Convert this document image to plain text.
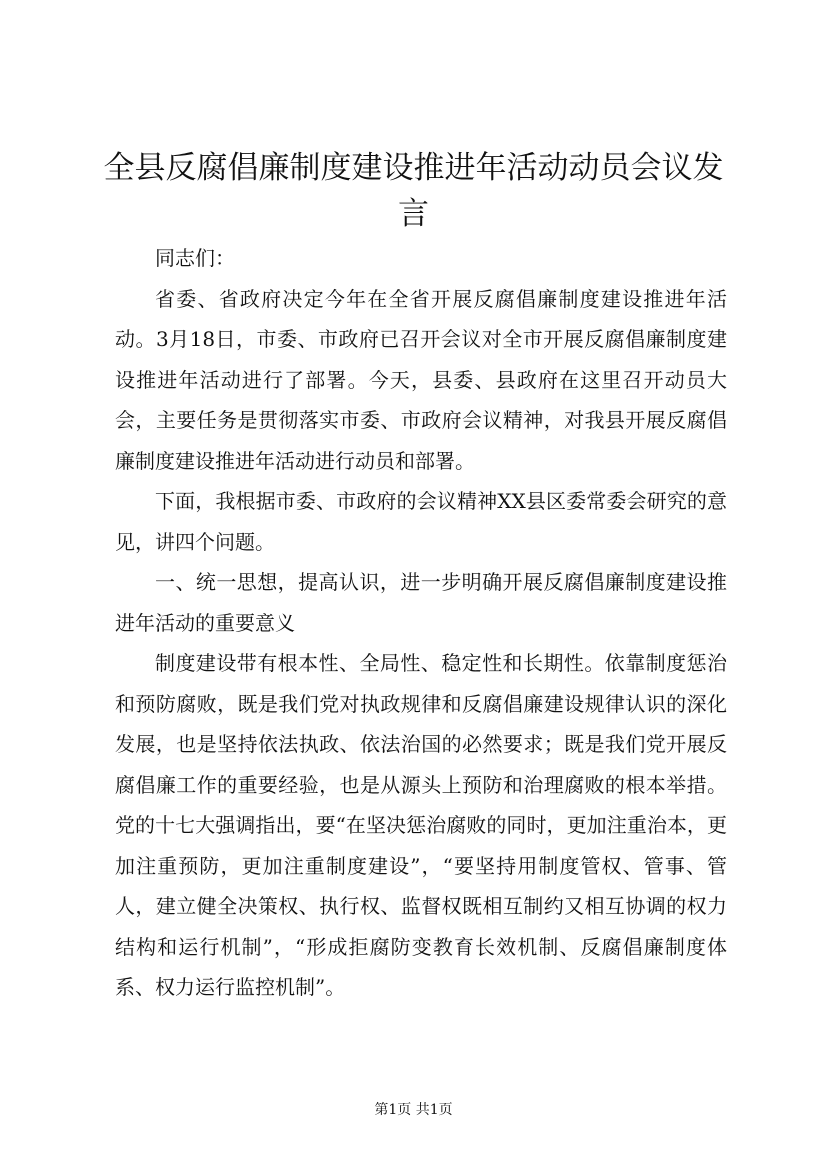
全县反腐倡廉制度建设推进年活动动员会议发言

同志们：

省委、省政府决定今年在全省开展反腐倡廉制度建设推进年活动。3月18日，市委、市政府已召开会议对全市开展反腐倡廉制度建设推进年活动进行了部署。今天，县委、县政府在这里召开动员大会，主要任务是贯彻落实市委、市政府会议精神，对我县开展反腐倡廉制度建设推进年活动进行动员和部署。

下面，我根据市委、市政府的会议精神XX县区委常委会研究的意见，讲四个问题。

一、统一思想，提高认识，进一步明确开展反腐倡廉制度建设推进年活动的重要意义

制度建设带有根本性、全局性、稳定性和长期性。依靠制度惩治和预防腐败，既是我们党对执政规律和反腐倡廉建设规律认识的深化发展，也是坚持依法执政、依法治国的必然要求；既是我们党开展反腐倡廉工作的重要经验，也是从源头上预防和治理腐败的根本举措。党的十七大强调指出，要“在坚决惩治腐败的同时，更加注重治本，更加注重预防，更加注重制度建设”，“要坚持用制度管权、管事、管人，建立健全决策权、执行权、监督权既相互制约又相互协调的权力结构和运行机制”，“形成拒腐防变教育长效机制、反腐倡廉制度体系、权力运行监控机制”。

第1页 共1页
